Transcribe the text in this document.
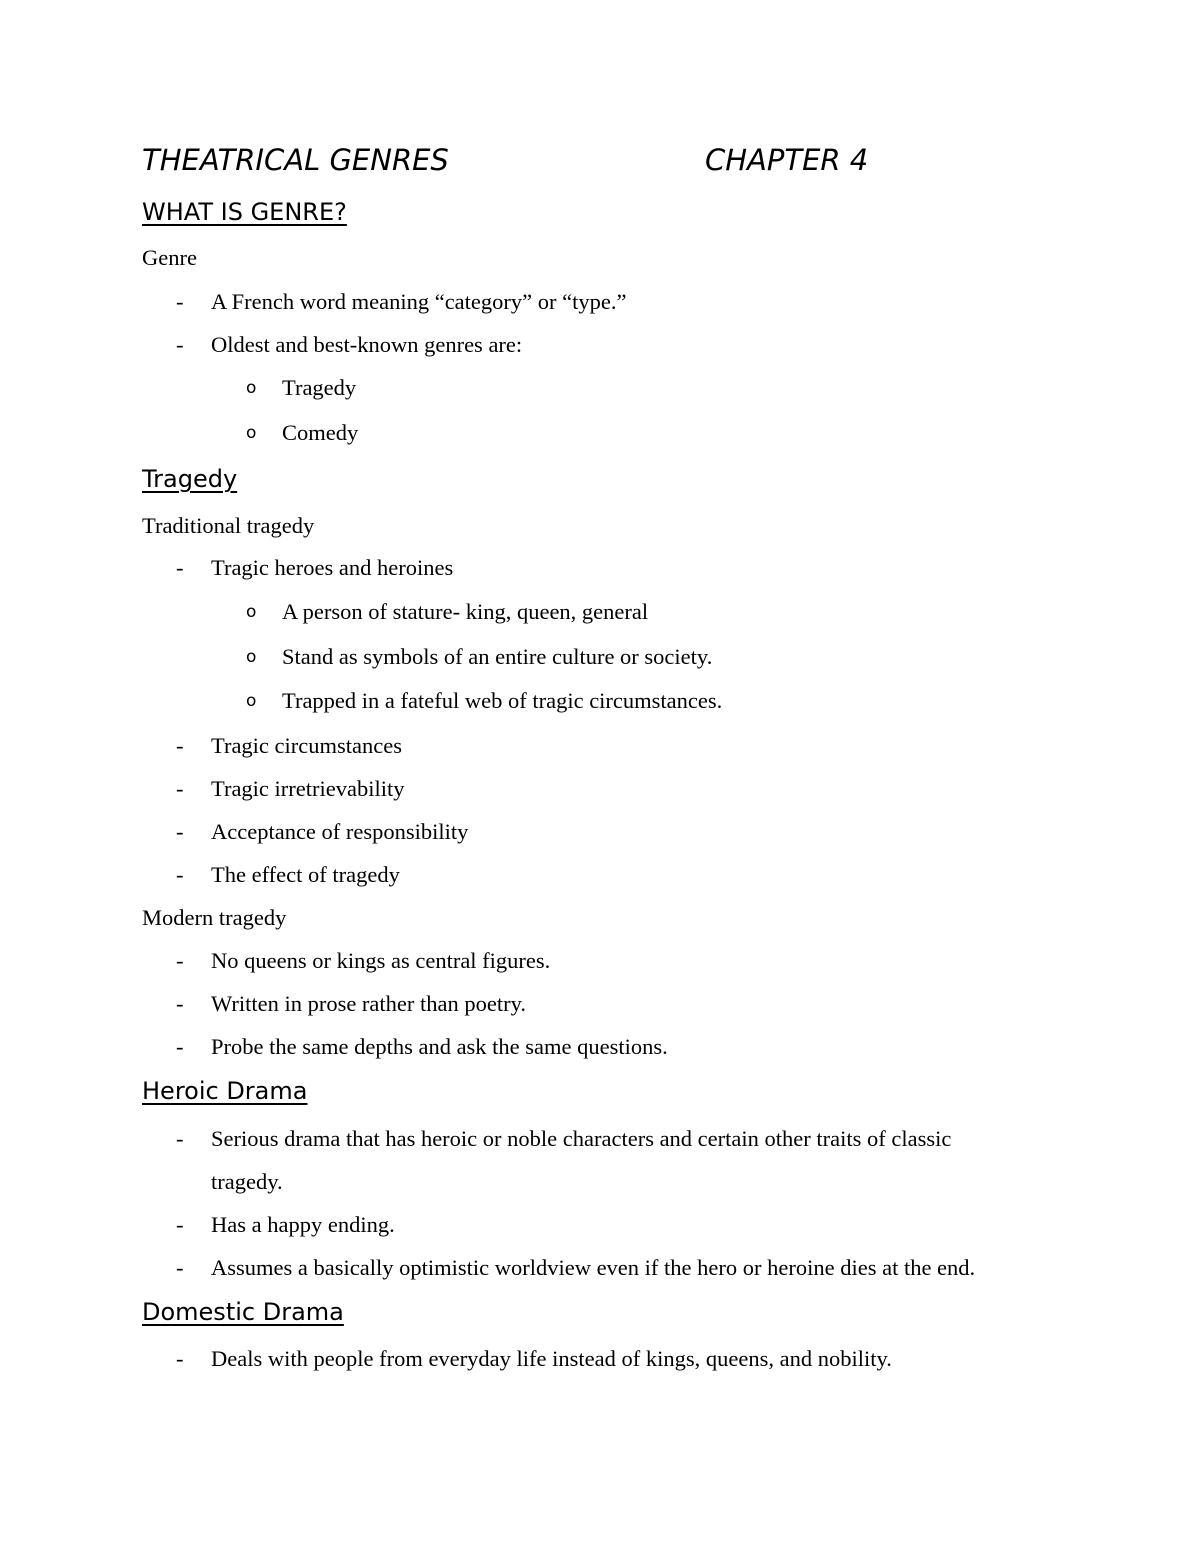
THEATRICAL GENRES	CHAPTER 4
WHAT IS GENRE?
Genre
- A French word meaning “category” or “type.”
- Oldest and best-known genres are:
o Tragedy
o Comedy
Tragedy
Traditional tragedy
- Tragic heroes and heroines
o A person of stature- king, queen, general
o Stand as symbols of an entire culture or society.
o Trapped in a fateful web of tragic circumstances.
- Tragic circumstances
- Tragic irretrievability
- Acceptance of responsibility
- The effect of tragedy
Modern tragedy
- No queens or kings as central figures.
- Written in prose rather than poetry.
- Probe the same depths and ask the same questions.
Heroic Drama
- Serious drama that has heroic or noble characters and certain other traits of classic
tragedy.
- Has a happy ending.
- Assumes a basically optimistic worldview even if the hero or heroine dies at the end.
Domestic Drama
- Deals with people from everyday life instead of kings, queens, and nobility.
